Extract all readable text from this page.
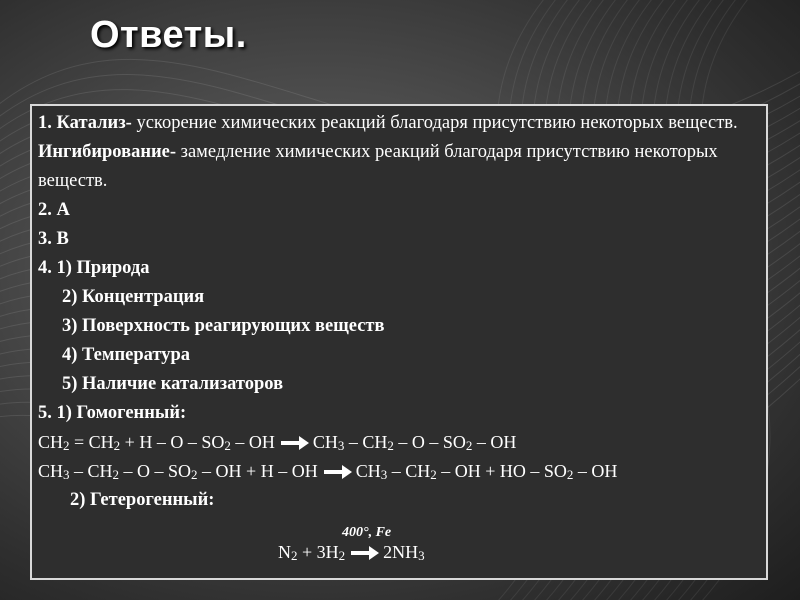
Ответы.
1. Катализ- ускорение химических реакций благодаря присутствию некоторых веществ.
Ингибирование- замедление химических реакций благодаря присутствию некоторых веществ.
2. А
3. В
4. 1) Природа
2) Концентрация
3) Поверхность реагирующих веществ
4) Температура
5) Наличие катализаторов
5. 1) Гомогенный:
$CH_2 = CH_2 + H - O - SO_2$ – OH → $CH_3 - CH_2$ – O – $SO_2$ – OH
$CH_3 - CH_2$ – O – $SO_2$ – OH + H – OH → $CH_3 - CH_2$ – OH + HO – $SO_2$ – OH
2) Гетерогенный:
400°, Fe
$N_2 + 3H_2 \to 2NH_3$
